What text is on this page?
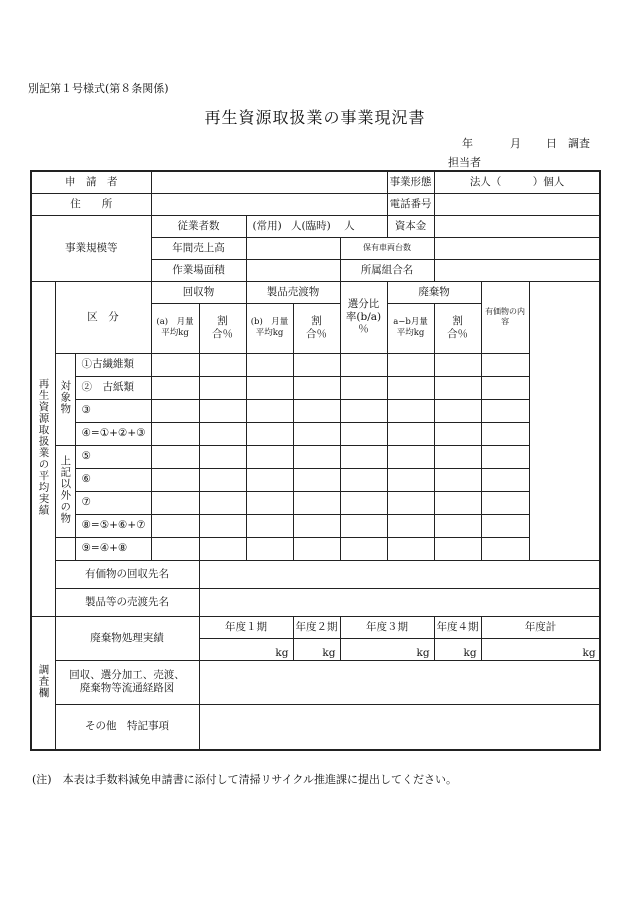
別記第１号様式(第８条関係)
再生資源取扱業の事業現況書
年	月 日 調査
担当者
申　請　者								事業形態	法人（　　　）個人	
住　　所								電話番号		
事業規模等			従業者数		(常用) 人(臨時) 人			資本金		
			年間売上高				保有車両台数			
			作業場面積				所属組合名			
再生資源取扱業の平均実績	区　分		回収物		製品売渡物		選分比率(b/a)％	廃棄物		有価物の内容
			(a)　月量平均kg	割合％	(b)　月量平均kg	割合％		a−b月量平均kg	割合％	
	対象物	①古繊維類								
		②　古紙類								
		③								
		④=①+②+③								
	上記以外の物	⑤								
		⑥								
		⑦								
		⑧=⑤+⑥+⑦								
		⑨=④+⑧								
	有価物の回収先名									
	製品等の売渡先名									
調査欄	廃棄物処理実績			年度１期		年度２期	年度３期		年度４期	年度計
				kg		kg	kg		kg	kg
	回収、選分加工、売渡、廃棄物等流通経路図									
	その他　特記事項									
(注)　本表は手数料減免申請書に添付して清掃リサイクル推進課に提出してください。
